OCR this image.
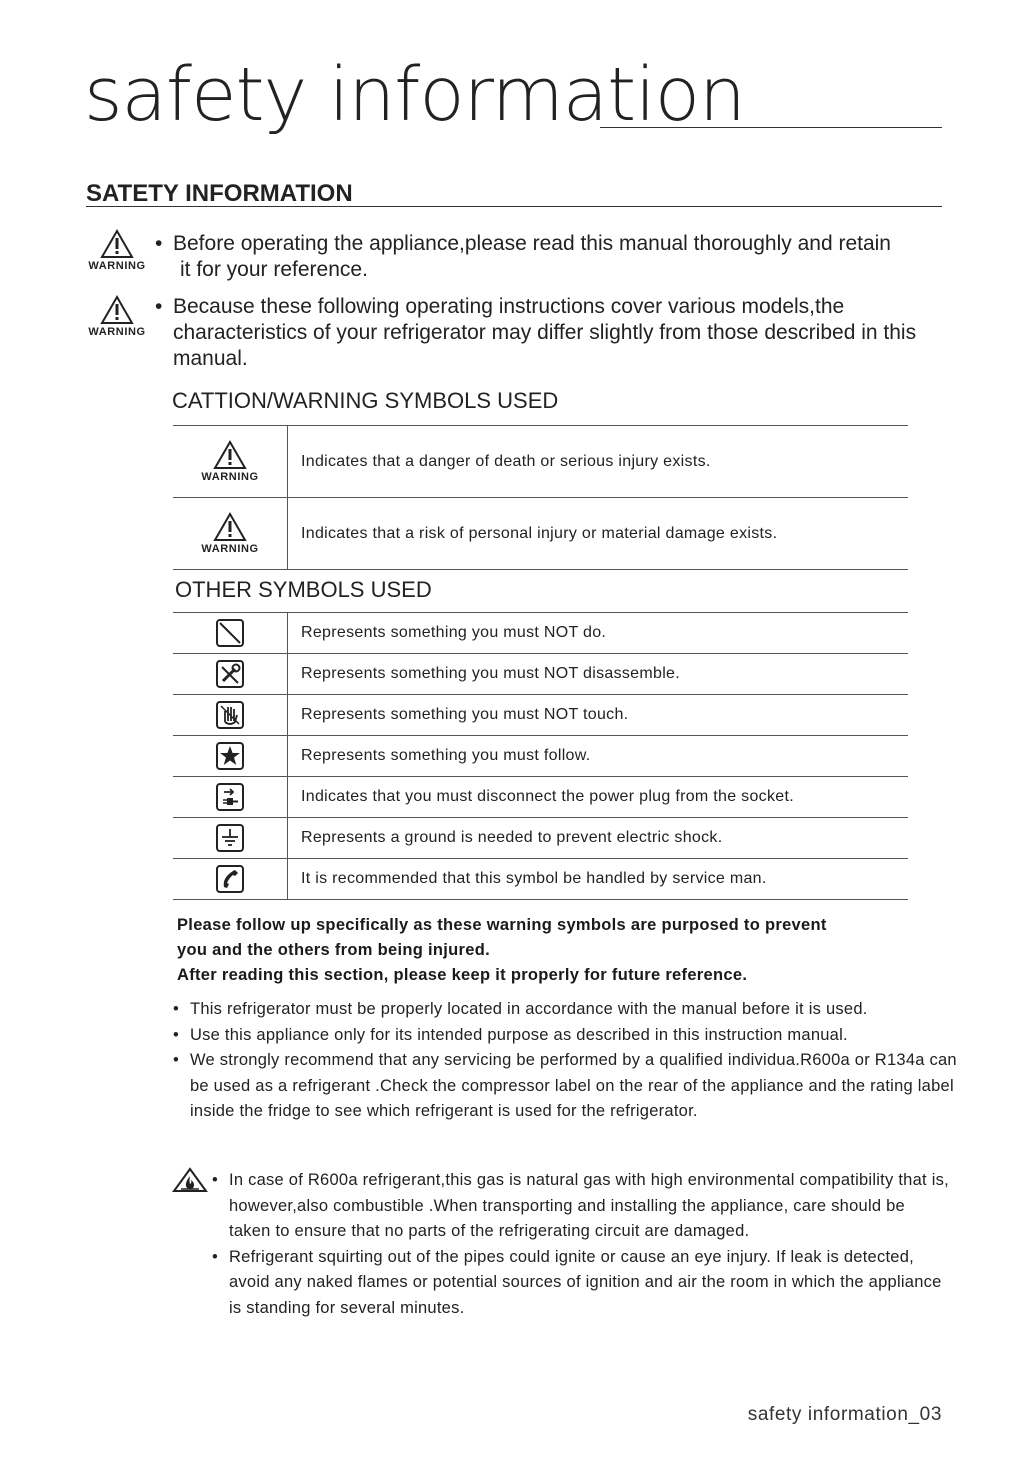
safety information
SATETY INFORMATION
WARNING
• Before operating the appliance,please read this manual thoroughly and retain
it for your reference.
WARNING
• Because these following operating instructions cover various models,the
characteristics of your refrigerator may differ slightly from those described in this
manual.
CATTION/WARNING SYMBOLS USED
WARNING	Indicates that a danger of death or serious injury exists.

WARNING	Indicates that a risk of personal injury or material damage exists.
OTHER SYMBOLS USED
	Represents something you must NOT do.

	Represents something you must NOT disassemble.

	Represents something you must NOT touch.

	Represents something you must follow.

	Indicates that you must disconnect the power plug from the socket.

	Represents a ground is needed to prevent electric shock.

	It is recommended that this symbol be handled by service man.
Please follow up specifically as these warning symbols are purposed to prevent
you and the others from being injured.
After reading this section, please keep it properly for future reference.
• This refrigerator must be properly located in accordance with the manual before it is used.
• Use this appliance only for its intended purpose as described in this instruction manual.
• We strongly recommend that any servicing be performed by a qualified individua.R600a or R134a can be used as a refrigerant .Check the compressor label on the rear of the appliance and the rating label inside the fridge to see which refrigerant is used for the refrigerator.
• In case of R600a refrigerant,this gas is natural gas with high environmental compatibility that is, however,also combustible .When transporting and installing the appliance, care should be taken to ensure that no parts of the refrigerating circuit are damaged.
• Refrigerant squirting out of the pipes could ignite or cause an eye injury. If leak is detected, avoid any naked flames or potential sources of ignition and air the room in which the appliance is standing for several minutes.
safety information_03
